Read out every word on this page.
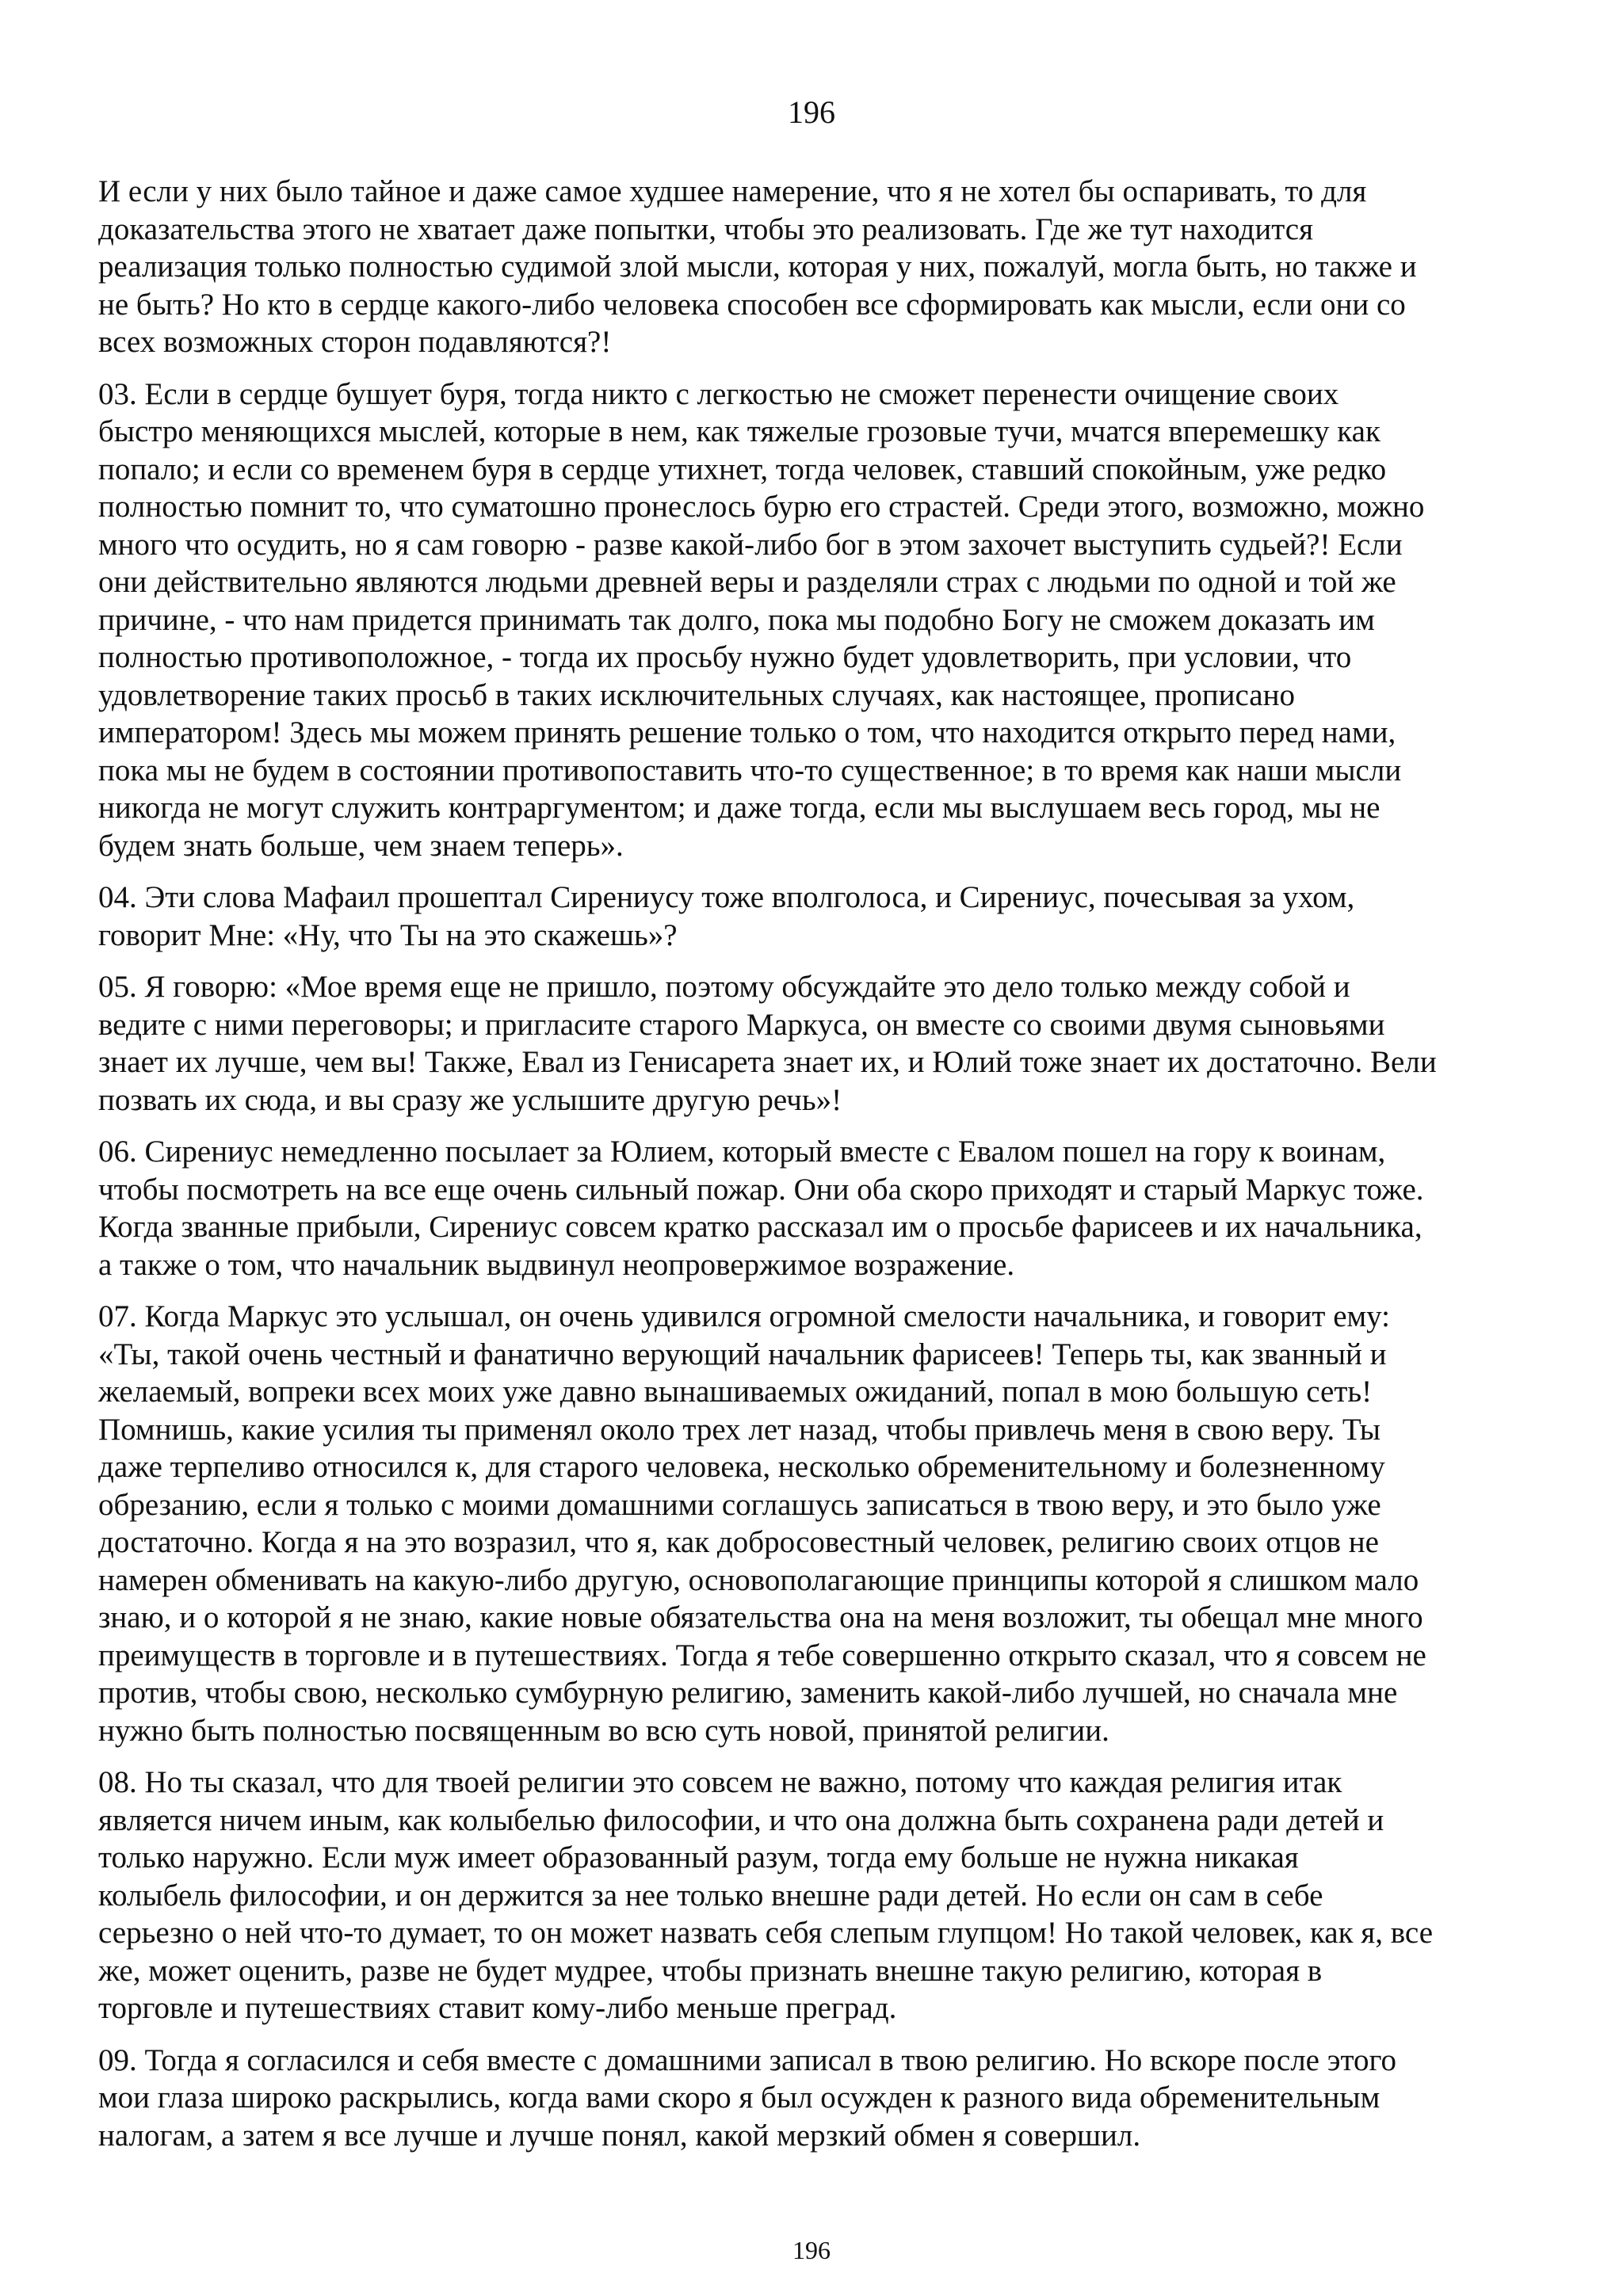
196

И если у них было тайное и даже самое худшее намерение, что я не хотел бы оспаривать, то для
доказательства этого не хватает даже попытки, чтобы это реализовать. Где же тут находится
реализация только полностью судимой злой мысли, которая у них, пожалуй, могла быть, но также и
не быть? Но кто в сердце какого-либо человека способен все сформировать как мысли, если они со
всех возможных сторон подавляются?!

03. Если в сердце бушует буря, тогда никто с легкостью не сможет перенести очищение своих
быстро меняющихся мыслей, которые в нем, как тяжелые грозовые тучи, мчатся вперемешку как
попало; и если со временем буря в сердце утихнет, тогда человек, ставший спокойным, уже редко
полностью помнит то, что суматошно пронеслось бурю его страстей. Среди этого, возможно, можно
много что осудить, но я сам говорю - разве какой-либо бог в этом захочет выступить судьей?! Если
они действительно являются людьми древней веры и разделяли страх с людьми по одной и той же
причине, - что нам придется принимать так долго, пока мы подобно Богу не сможем доказать им
полностью противоположное, - тогда их просьбу нужно будет удовлетворить, при условии, что
удовлетворение таких просьб в таких исключительных случаях, как настоящее, прописано
императором! Здесь мы можем принять решение только о том, что находится открыто перед нами,
пока мы не будем в состоянии противопоставить что-то существенное; в то время как наши мысли
никогда не могут служить контраргументом; и даже тогда, если мы выслушаем весь город, мы не
будем знать больше, чем знаем теперь».

04. Эти слова Мафаил прошептал Сирениусу тоже вполголоса, и Сирениус, почесывая за ухом,
говорит Мне: «Ну, что Ты на это скажешь»?

05. Я говорю: «Мое время еще не пришло, поэтому обсуждайте это дело только между собой и
ведите с ними переговоры; и пригласите старого Маркуса, он вместе со своими двумя сыновьями
знает их лучше, чем вы! Также, Евал из Генисарета знает их, и Юлий тоже знает их достаточно. Вели
позвать их сюда, и вы сразу же услышите другую речь»!

06. Сирениус немедленно посылает за Юлием, который вместе с Евалом пошел на гору к воинам,
чтобы посмотреть на все еще очень сильный пожар. Они оба скоро приходят и старый Маркус тоже.
Когда званные прибыли, Сирениус совсем кратко рассказал им о просьбе фарисеев и их начальника,
а также о том, что начальник выдвинул неопровержимое возражение.

07. Когда Маркус это услышал, он очень удивился огромной смелости начальника, и говорит ему:
«Ты, такой очень честный и фанатично верующий начальник фарисеев! Теперь ты, как званный и
желаемый, вопреки всех моих уже давно вынашиваемых ожиданий, попал в мою большую сеть!
Помнишь, какие усилия ты применял около трех лет назад, чтобы привлечь меня в свою веру. Ты
даже терпеливо относился к, для старого человека, несколько обременительному и болезненному
обрезанию, если я только с моими домашними соглашусь записаться в твою веру, и это было уже
достаточно. Когда я на это возразил, что я, как добросовестный человек, религию своих отцов не
намерен обменивать на какую-либо другую, основополагающие принципы которой я слишком мало
знаю, и о которой я не знаю, какие новые обязательства она на меня возложит, ты обещал мне много
преимуществ в торговле и в путешествиях. Тогда я тебе совершенно открыто сказал, что я совсем не
против, чтобы свою, несколько сумбурную религию, заменить какой-либо лучшей, но сначала мне
нужно быть полностью посвященным во всю суть новой, принятой религии.

08. Но ты сказал, что для твоей религии это совсем не важно, потому что каждая религия итак
является ничем иным, как колыбелью философии, и что она должна быть сохранена ради детей и
только наружно. Если муж имеет образованный разум, тогда ему больше не нужна никакая
колыбель философии, и он держится за нее только внешне ради детей. Но если он сам в себе
серьезно о ней что-то думает, то он может назвать себя слепым глупцом! Но такой человек, как я, все
же, может оценить, разве не будет мудрее, чтобы признать внешне такую религию, которая в
торговле и путешествиях ставит кому-либо меньше преград.

09. Тогда я согласился и себя вместе с домашними записал в твою религию. Но вскоре после этого
мои глаза широко раскрылись, когда вами скоро я был осужден к разного вида обременительным
налогам, а затем я все лучше и лучше понял, какой мерзкий обмен я совершил.

196
